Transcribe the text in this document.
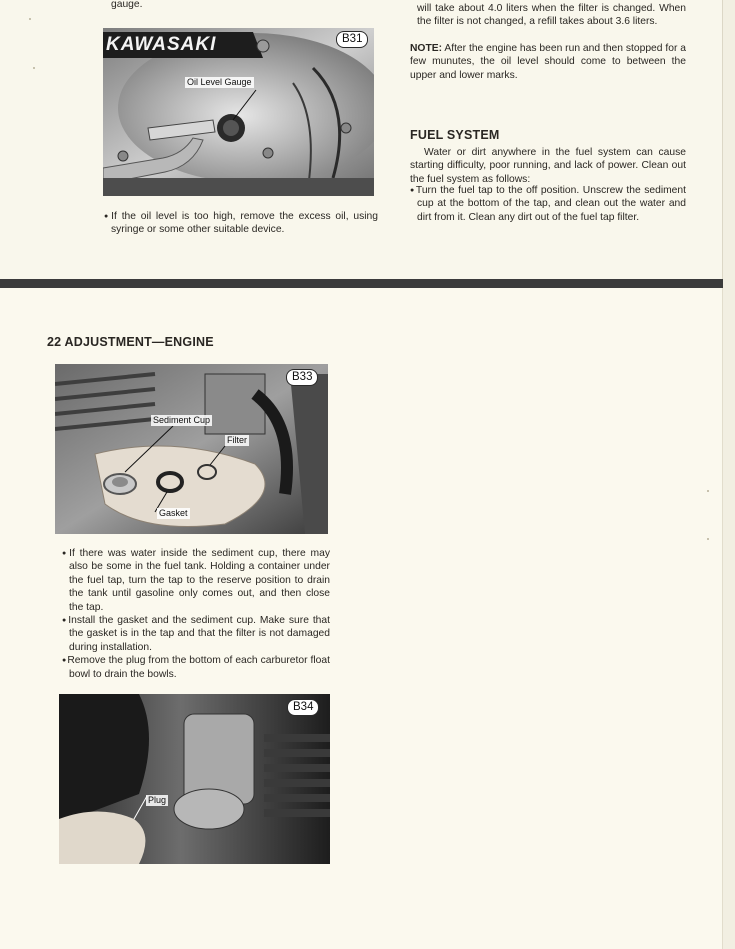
gauge.

KAWASAKI	B31
Oil Level Gauge

● If the oil level is too high, remove the excess oil, using syringe or some other suitable device.

will take about 4.0 liters when the filter is changed. When the filter is not changed, a refill takes about 3.6 liters.

NOTE: After the engine has been run and then stopped for a few munutes, the oil level should come to between the upper and lower marks.

FUEL SYSTEM

Water or dirt anywhere in the fuel system can cause starting difficulty, poor running, and lack of power. Clean out the fuel system as follows:

● Turn the fuel tap to the off position. Unscrew the sediment cup at the bottom of the tap, and clean out the water and dirt from it. Clean any dirt out of the fuel tap filter.

22 ADJUSTMENT—ENGINE
B33
Sediment Cup
Filter
Gasket

● If there was water inside the sediment cup, there may also be some in the fuel tank. Holding a container under the fuel tap, turn the tap to the reserve position to drain the tank until gasoline only comes out, and then close the tap.

● Install the gasket and the sediment cup. Make sure that the gasket is in the tap and that the filter is not damaged during installation.

● Remove the plug from the bottom of each carburetor float bowl to drain the bowls.

B34
Plug
